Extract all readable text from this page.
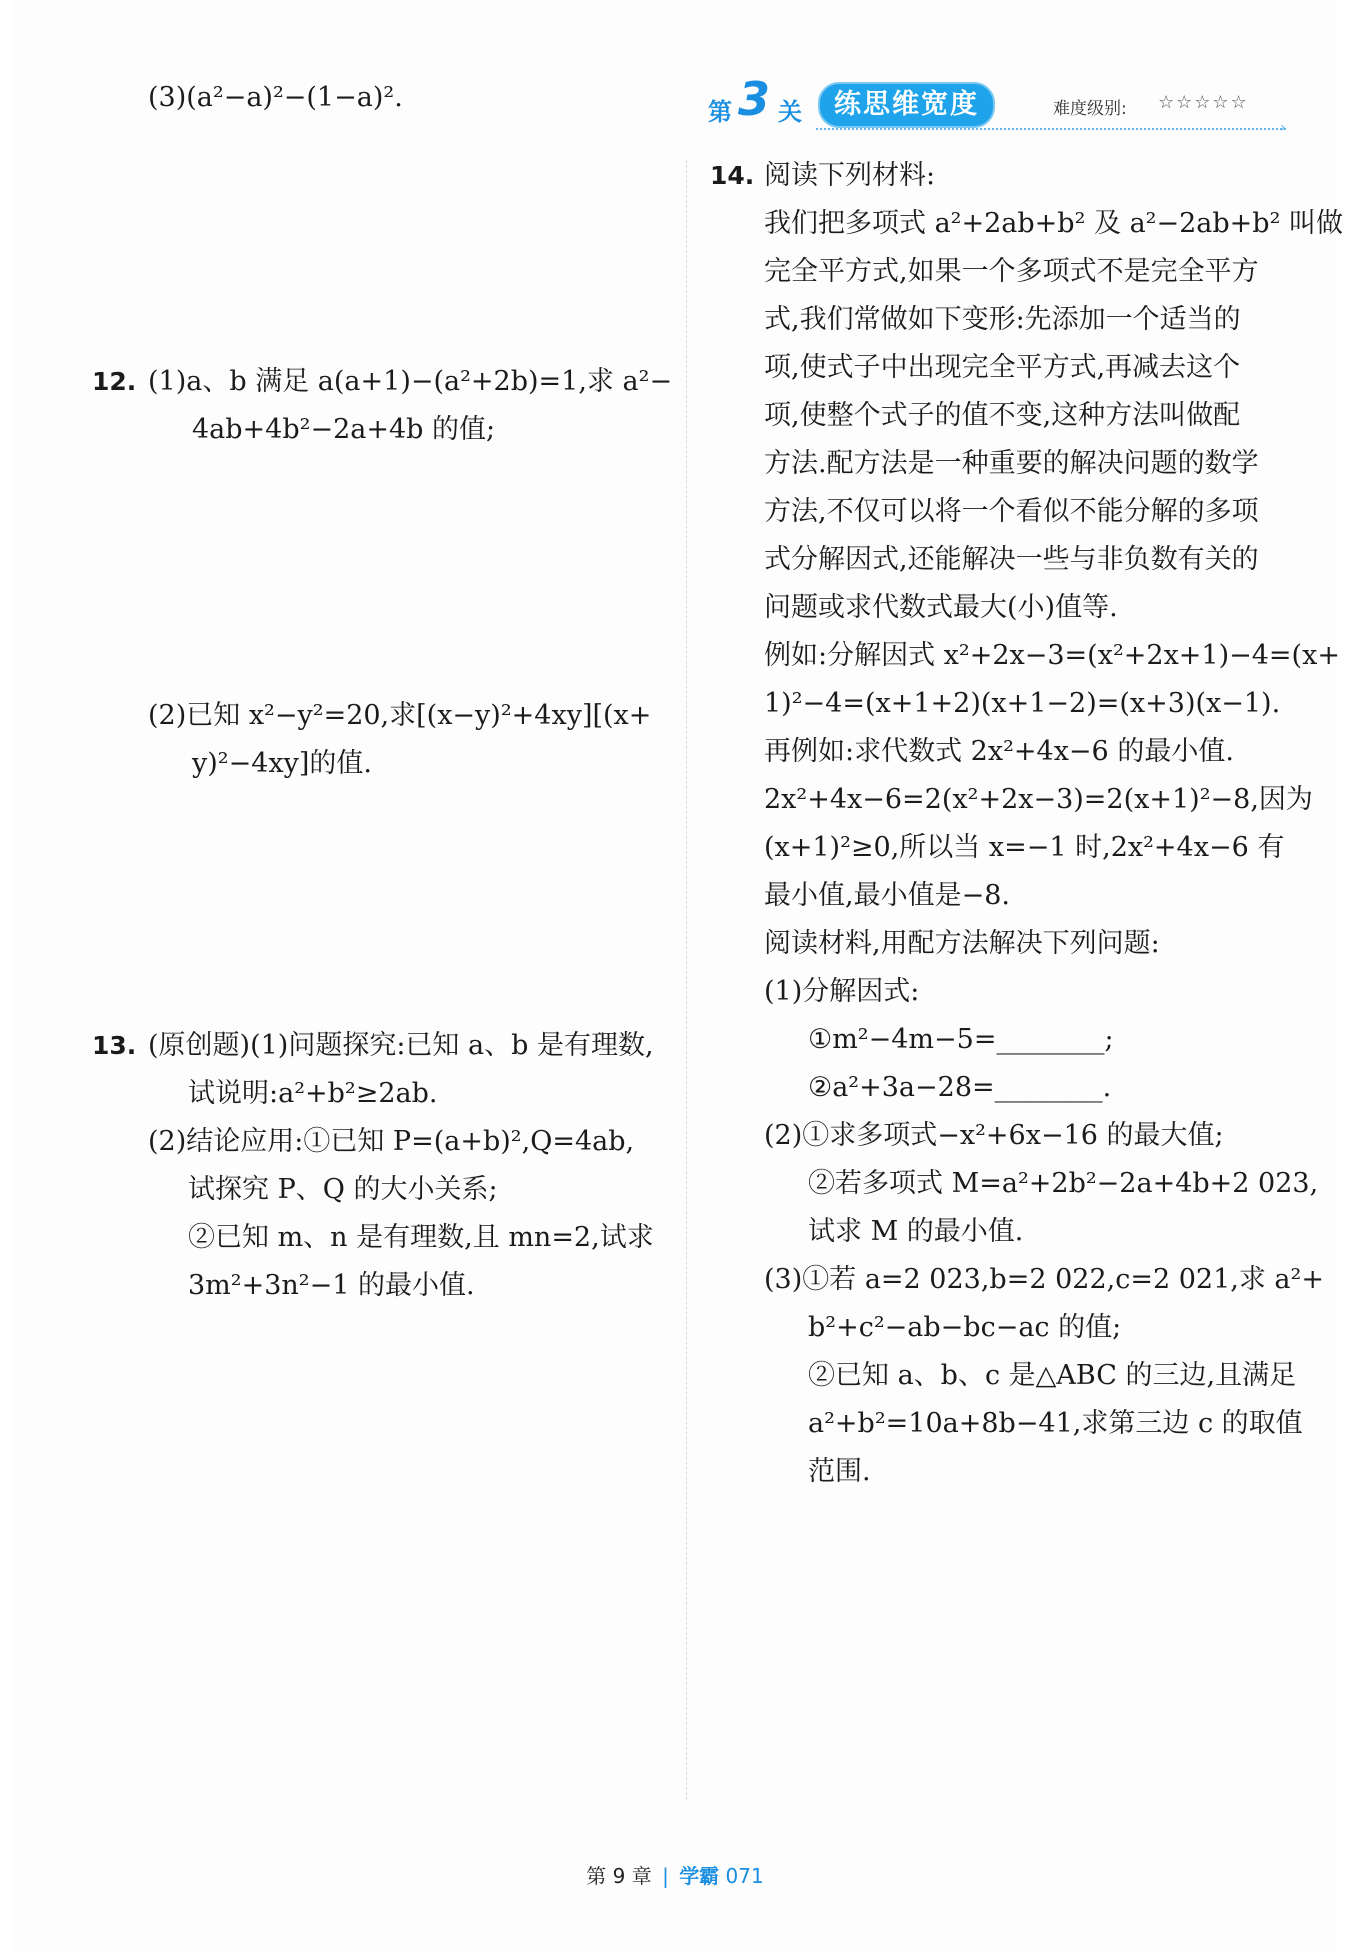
(3)(a²−a)²−(1−a)².
12. (1)a、b 满足 a(a+1)−(a²+2b)=1,求 a²−
4ab+4b²−2a+4b 的值;
(2)已知 x²−y²=20,求[(x−y)²+4xy][(x+
y)²−4xy]的值.
13. (原创题)(1)问题探究:已知 a、b 是有理数,
试说明:a²+b²≥2ab.
(2)结论应用:①已知 P=(a+b)²,Q=4ab,
试探究 P、Q 的大小关系;
②已知 m、n 是有理数,且 mn=2,试求
3m²+3n²−1 的最小值.
第 3 关	练思维宽度	难度级别: ☆☆☆☆☆
›
14. 阅读下列材料:
我们把多项式 a²+2ab+b² 及 a²−2ab+b² 叫做
完全平方式,如果一个多项式不是完全平方
式,我们常做如下变形:先添加一个适当的
项,使式子中出现完全平方式,再减去这个
项,使整个式子的值不变,这种方法叫做配
方法.配方法是一种重要的解决问题的数学
方法,不仅可以将一个看似不能分解的多项
式分解因式,还能解决一些与非负数有关的
问题或求代数式最大(小)值等.
例如:分解因式 x²+2x−3=(x²+2x+1)−4=(x+
1)²−4=(x+1+2)(x+1−2)=(x+3)(x−1).
再例如:求代数式 2x²+4x−6 的最小值.
2x²+4x−6=2(x²+2x−3)=2(x+1)²−8,因为
(x+1)²≥0,所以当 x=−1 时,2x²+4x−6 有
最小值,最小值是−8.
阅读材料,用配方法解决下列问题:
(1)分解因式:
①m²−4m−5=________;
②a²+3a−28=________.
(2)①求多项式−x²+6x−16 的最大值;
②若多项式 M=a²+2b²−2a+4b+2 023,
试求 M 的最小值.
(3)①若 a=2 023,b=2 022,c=2 021,求 a²+
b²+c²−ab−bc−ac 的值;
②已知 a、b、c 是△ABC 的三边,且满足
a²+b²=10a+8b−41,求第三边 c 的取值
范围.
第 9 章 | 学霸 071
